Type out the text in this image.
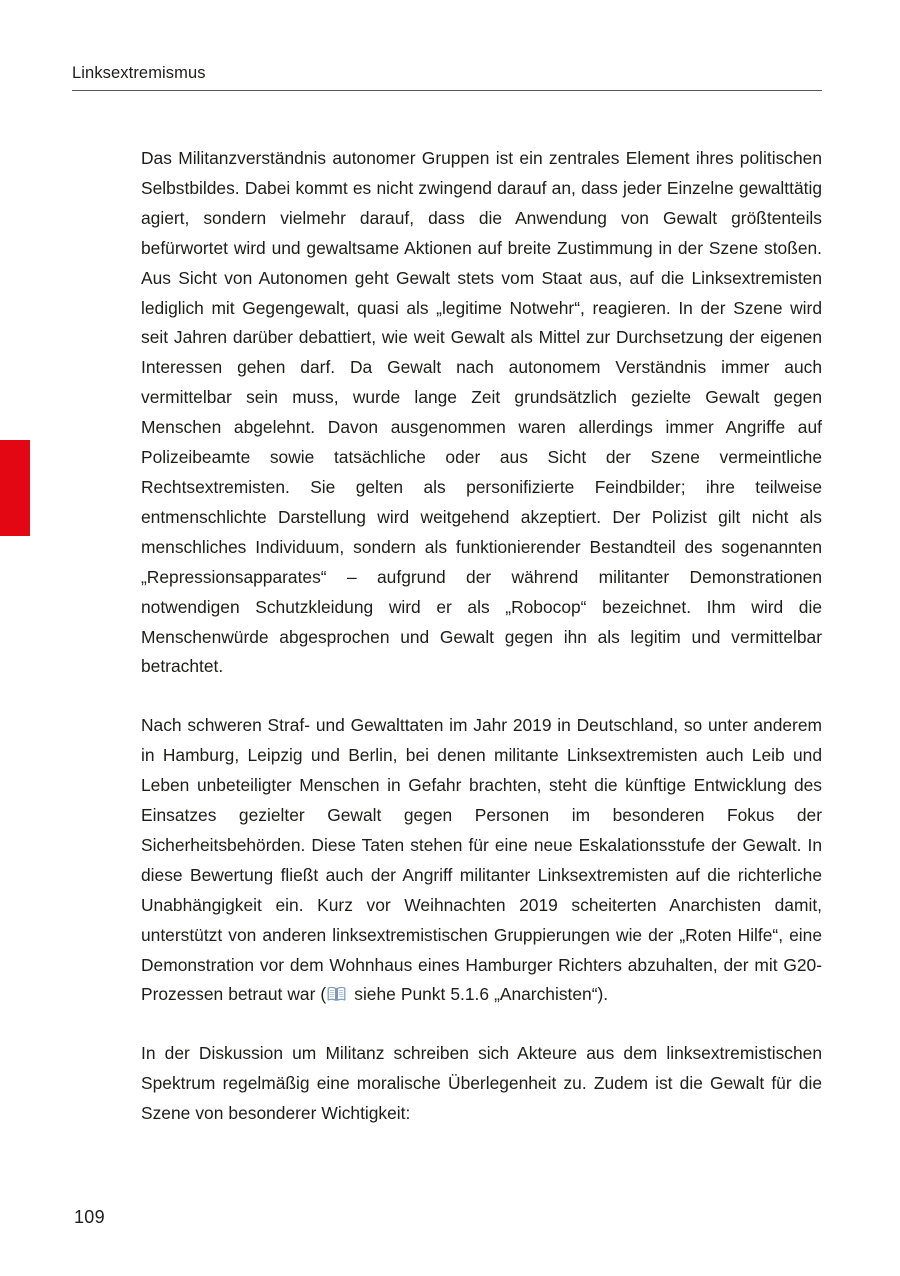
Linksextremismus

Das Militanzverständnis autonomer Gruppen ist ein zentrales Element ihres politischen Selbstbildes. Dabei kommt es nicht zwingend darauf an, dass jeder Einzelne gewalttätig agiert, sondern vielmehr darauf, dass die Anwendung von Gewalt größtenteils befürwortet wird und gewaltsame Aktionen auf breite Zustimmung in der Szene stoßen. Aus Sicht von Autonomen geht Gewalt stets vom Staat aus, auf die Linksextremisten lediglich mit Gegengewalt, quasi als „legitime Notwehr“, reagieren. In der Szene wird seit Jahren darüber debattiert, wie weit Gewalt als Mittel zur Durchsetzung der eigenen Interessen gehen darf. Da Gewalt nach autonomem Verständnis immer auch vermittelbar sein muss, wurde lange Zeit grundsätzlich gezielte Gewalt gegen Menschen abgelehnt. Davon ausgenommen waren allerdings immer Angriffe auf Polizeibeamte sowie tatsächliche oder aus Sicht der Szene vermeintliche Rechtsextremisten. Sie gelten als personifizierte Feindbilder; ihre teilweise entmenschlichte Darstellung wird weitgehend akzeptiert. Der Polizist gilt nicht als menschliches Individuum, sondern als funktionierender Bestandteil des sogenannten „Repressionsapparates“ – aufgrund der während militanter Demonstrationen notwendigen Schutzkleidung wird er als „Robocop“ bezeichnet. Ihm wird die Menschenwürde abgesprochen und Gewalt gegen ihn als legitim und vermittelbar betrachtet.

Nach schweren Straf- und Gewalttaten im Jahr 2019 in Deutschland, so unter anderem in Hamburg, Leipzig und Berlin, bei denen militante Linksextremisten auch Leib und Leben unbeteiligter Menschen in Gefahr brachten, steht die künftige Entwicklung des Einsatzes gezielter Gewalt gegen Personen im besonderen Fokus der Sicherheitsbehörden. Diese Taten stehen für eine neue Eskalationsstufe der Gewalt. In diese Bewertung fließt auch der Angriff militanter Linksextremisten auf die richterliche Unabhängigkeit ein. Kurz vor Weihnachten 2019 scheiterten Anarchisten damit, unterstützt von anderen linksextremistischen Gruppierungen wie der „Roten Hilfe“, eine Demonstration vor dem Wohnhaus eines Hamburger Richters abzuhalten, der mit G20-Prozessen betraut war (
siehe Punkt 5.1.6 „Anarchisten“).

In der Diskussion um Militanz schreiben sich Akteure aus dem linksextremistischen Spektrum regelmäßig eine moralische Überlegenheit zu. Zudem ist die Gewalt für die Szene von besonderer Wichtigkeit:

109
